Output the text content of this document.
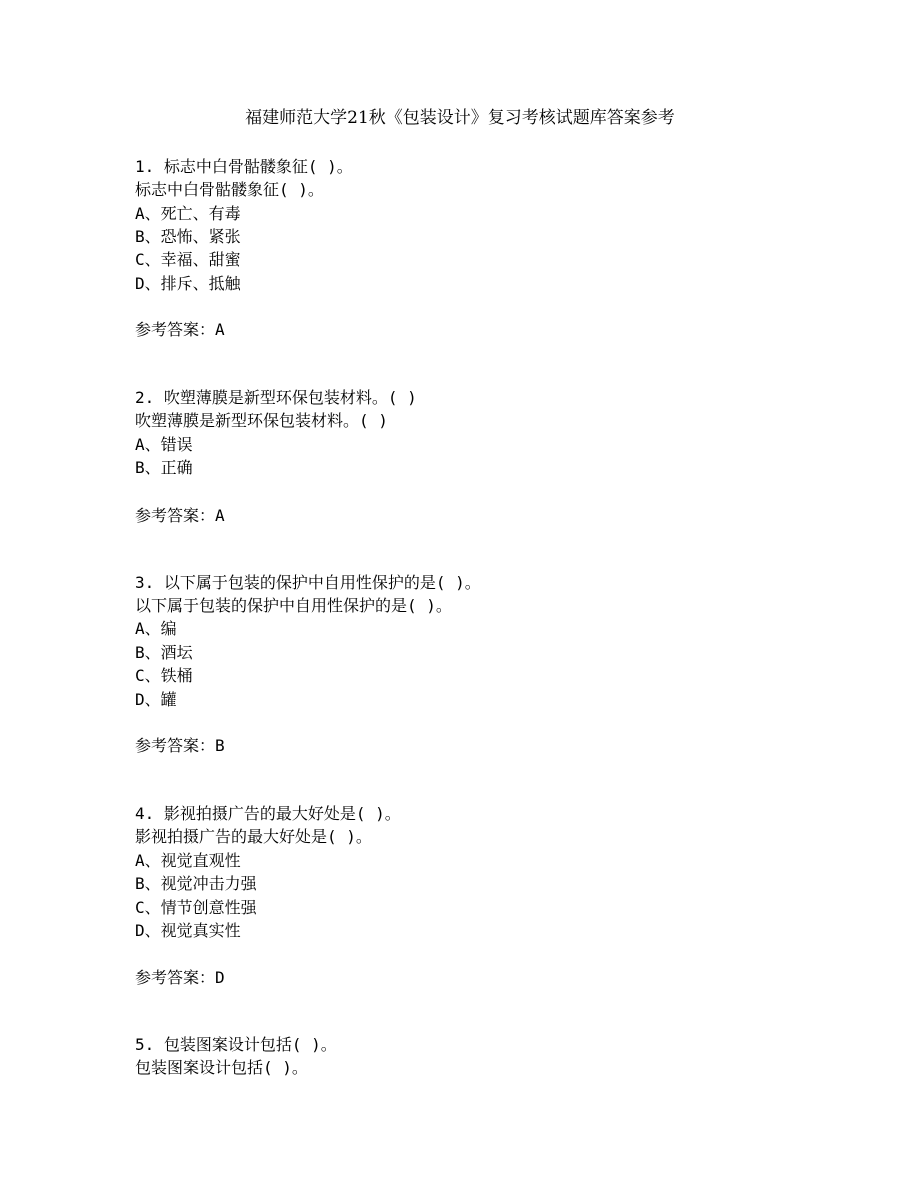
福建师范大学21秋《包装设计》复习考核试题库答案参考
1. 标志中白骨骷髅象征( )。
标志中白骨骷髅象征( )。
A、死亡、有毒
B、恐怖、紧张
C、幸福、甜蜜
D、排斥、抵触
参考答案：A
2. 吹塑薄膜是新型环保包装材料。( )
吹塑薄膜是新型环保包装材料。( )
A、错误
B、正确
参考答案：A
3. 以下属于包装的保护中自用性保护的是( )。
以下属于包装的保护中自用性保护的是( )。
A、编
B、酒坛
C、铁桶
D、罐
参考答案：B
4. 影视拍摄广告的最大好处是( )。
影视拍摄广告的最大好处是( )。
A、视觉直观性
B、视觉冲击力强
C、情节创意性强
D、视觉真实性
参考答案：D
5. 包装图案设计包括( )。
包装图案设计包括( )。
